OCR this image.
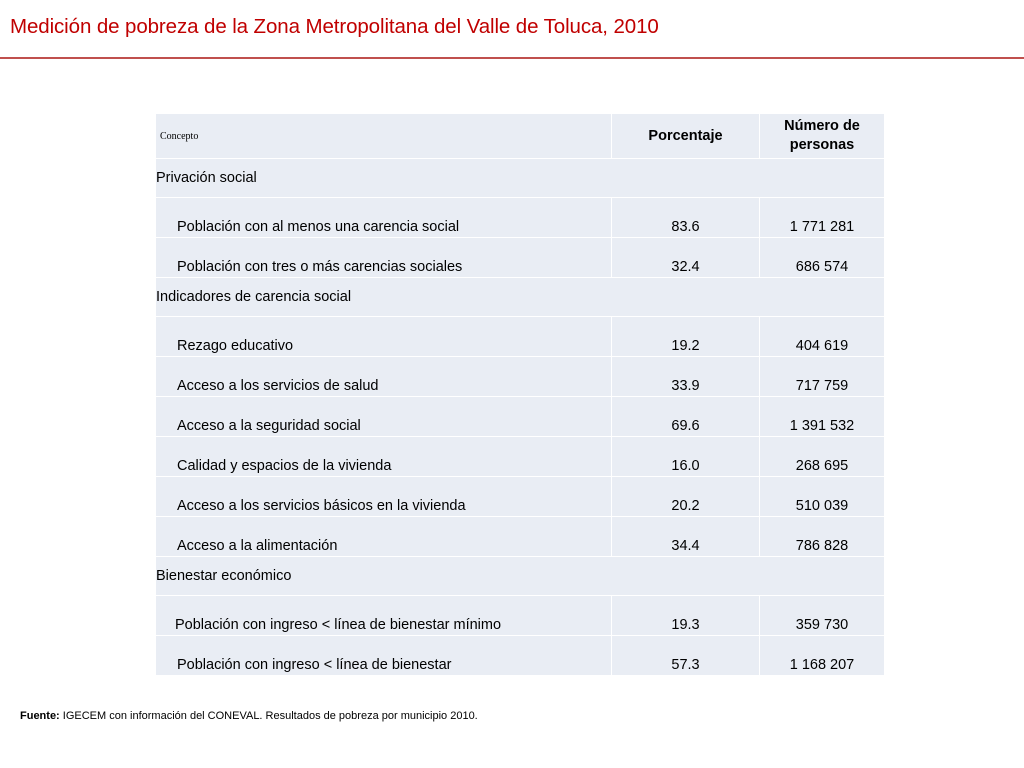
Medición de pobreza de la Zona Metropolitana del Valle de Toluca, 2010
Concepto	Porcentaje	Número de personas
Privación social		
Población con al menos una carencia social	83.6	1 771 281
Población con tres o más carencias sociales	32.4	686 574
Indicadores de carencia social		
Rezago educativo	19.2	404 619
Acceso a los servicios de salud	33.9	717 759
Acceso a la seguridad social	69.6	1 391 532
Calidad y espacios de la vivienda	16.0	268 695
Acceso a los servicios básicos en la vivienda	20.2	510 039
Acceso a la alimentación	34.4	786 828
Bienestar económico		
Población con ingreso < línea de bienestar mínimo	19.3	359 730
Población con ingreso < línea de bienestar	57.3	1 168 207

Fuente: IGECEM con información del CONEVAL. Resultados de pobreza por municipio 2010.
